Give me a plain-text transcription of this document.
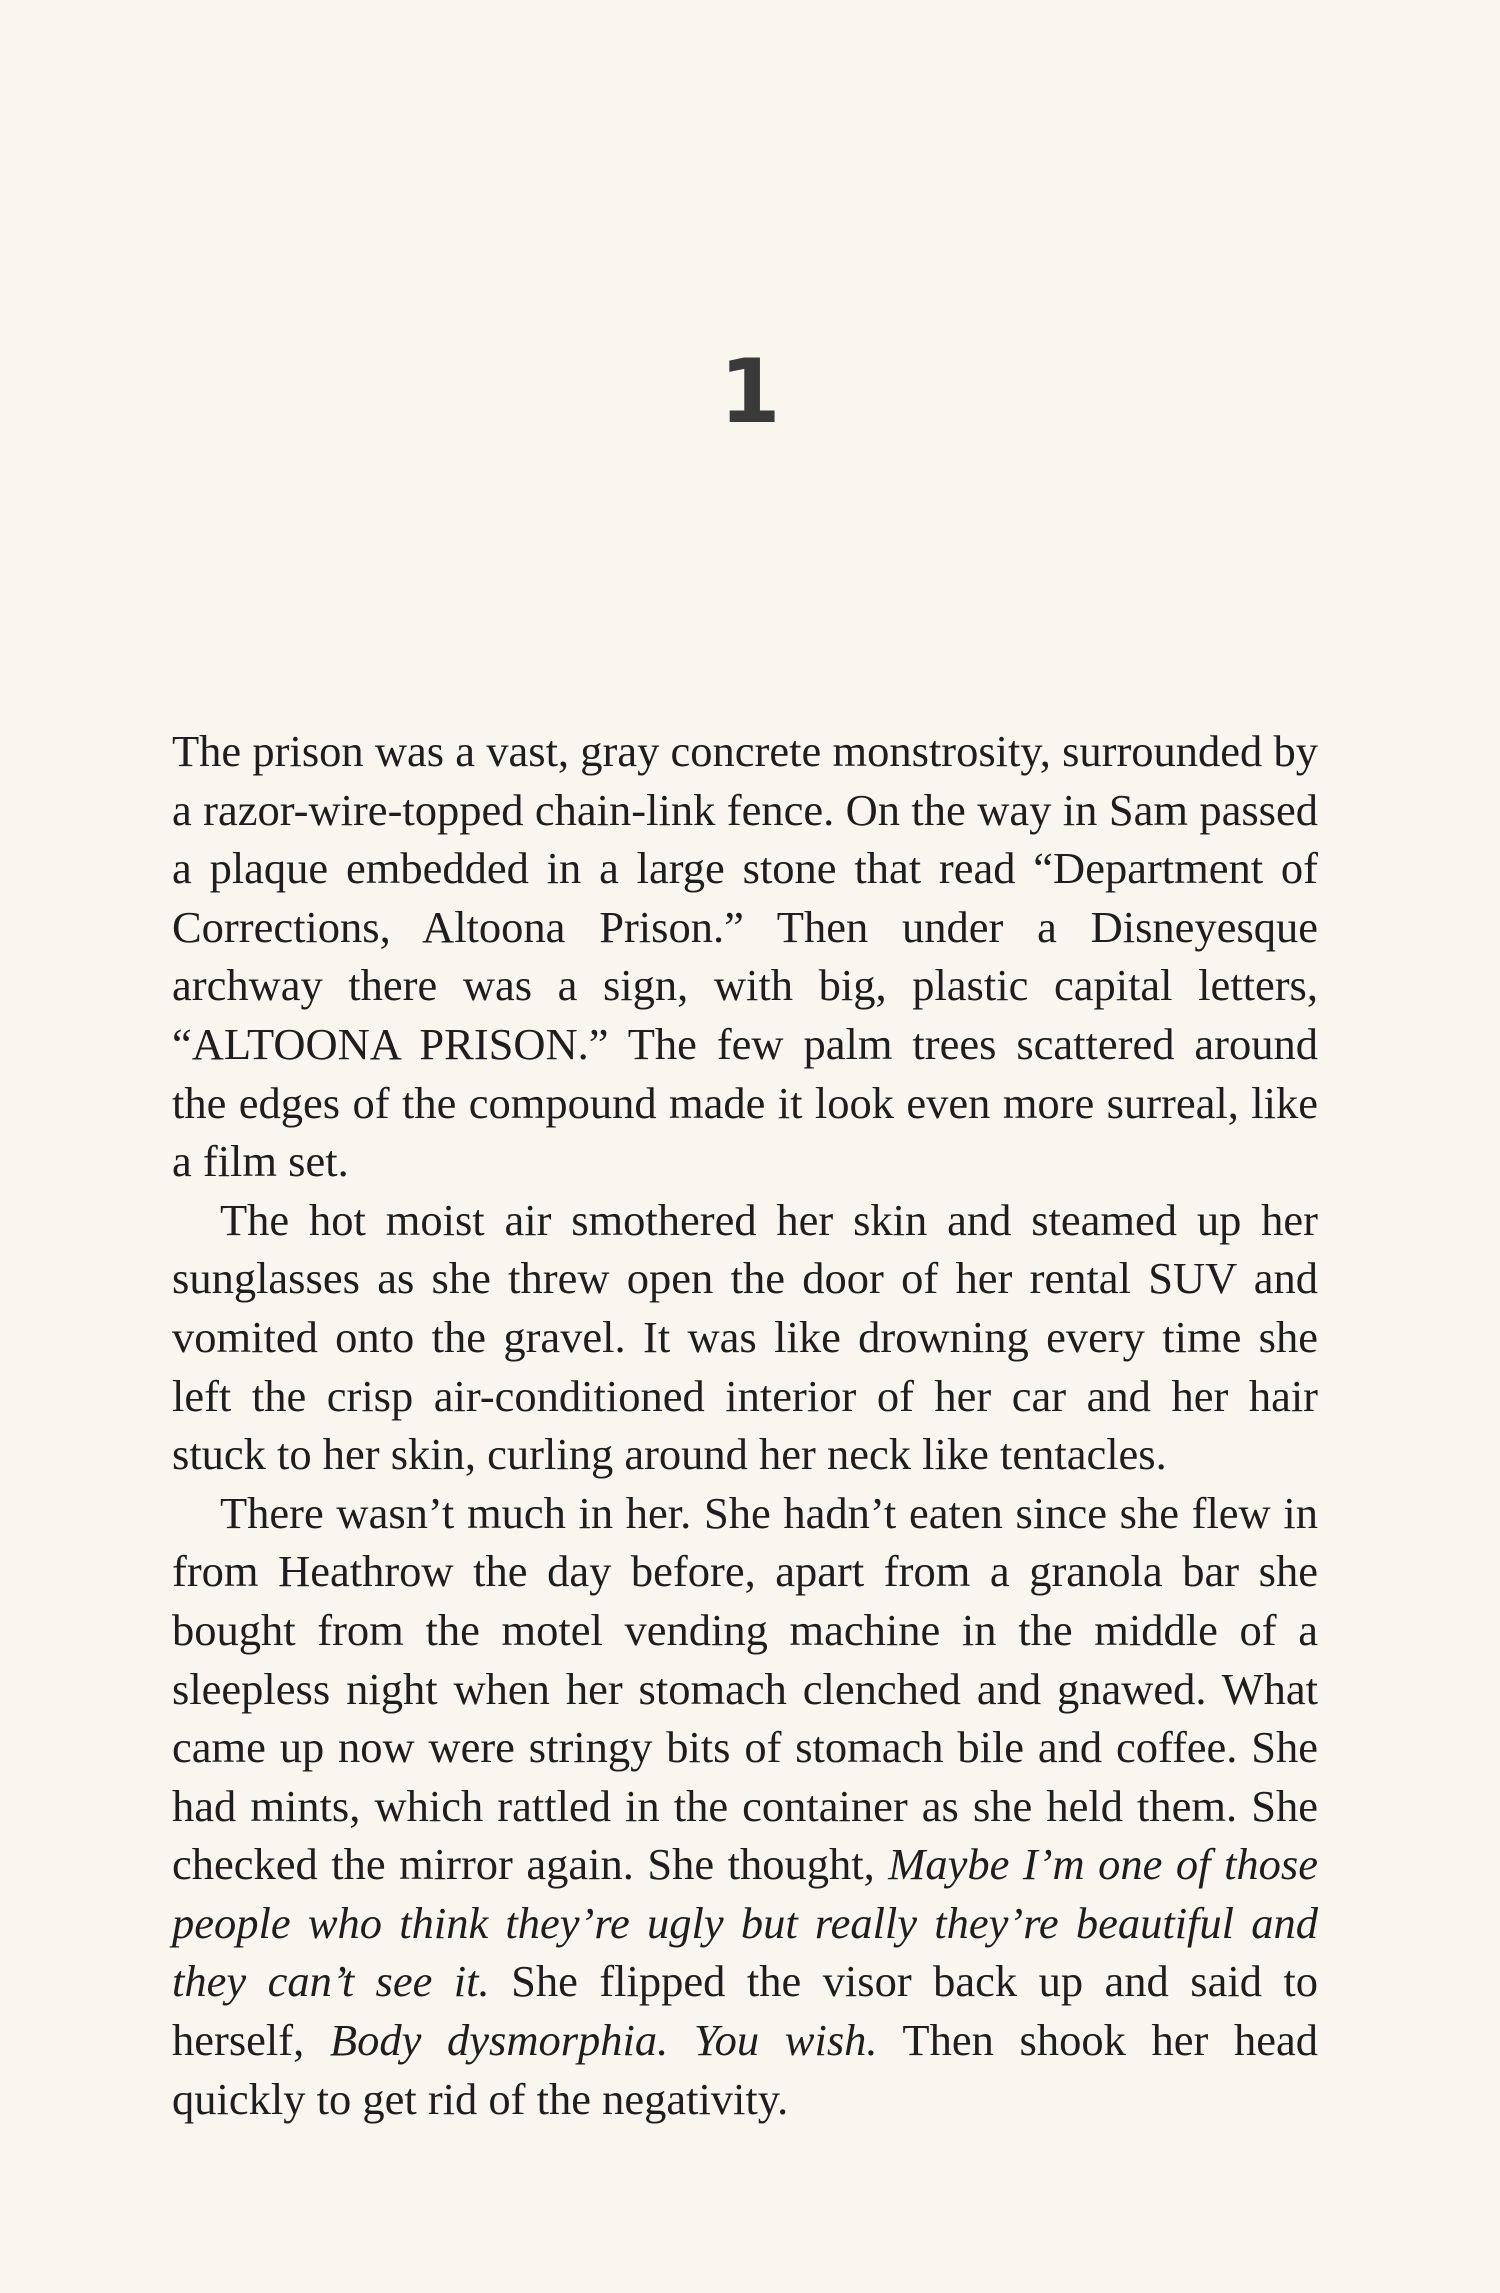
1

The prison was a vast, gray concrete monstrosity, surrounded by a razor-wire-topped chain-link fence. On the way in Sam passed a plaque embedded in a large stone that read “Department of Corrections, Altoona Prison.” Then under a Disneyesque archway there was a sign, with big, plastic capital letters, “ALTOONA PRISON.” The few palm trees scattered around the edges of the compound made it look even more surreal, like a film set.

The hot moist air smothered her skin and steamed up her sunglasses as she threw open the door of her rental SUV and vomited onto the gravel. It was like drowning every time she left the crisp air-conditioned interior of her car and her hair stuck to her skin, curling around her neck like tentacles.

There wasn’t much in her. She hadn’t eaten since she flew in from Heathrow the day before, apart from a granola bar she bought from the motel vending machine in the middle of a sleepless night when her stomach clenched and gnawed. What came up now were stringy bits of stomach bile and coffee. She had mints, which rattled in the container as she held them. She checked the mirror again. She thought, Maybe I’m one of those people who think they’re ugly but really they’re beautiful and they can’t see it. She flipped the visor back up and said to herself, Body dysmorphia. You wish. Then shook her head quickly to get rid of the negativity.
